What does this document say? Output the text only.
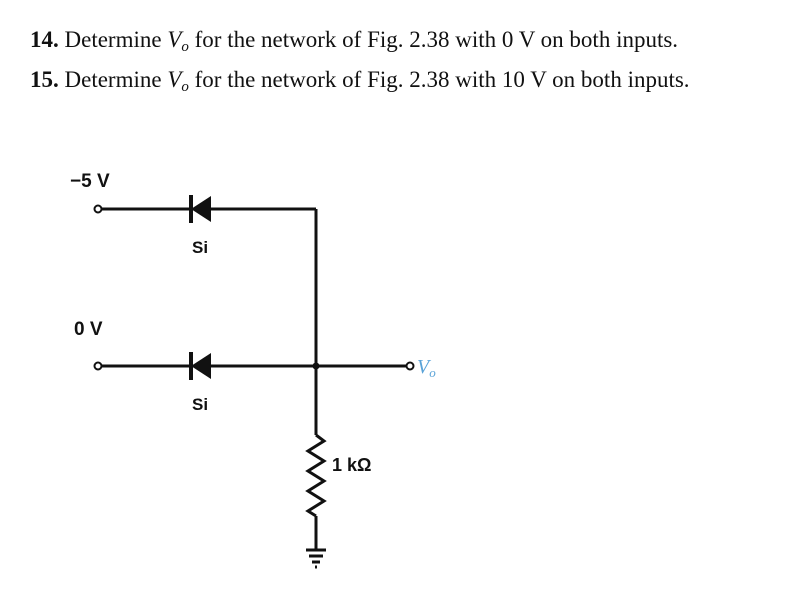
14. Determine $V_o$ for the network of Fig. 2.38 with 0 V on both inputs.
15. Determine $V_o$ for the network of Fig. 2.38 with 10 V on both inputs.
−5 V
Si
0 V
Si
$V_o$
1 kΩ
